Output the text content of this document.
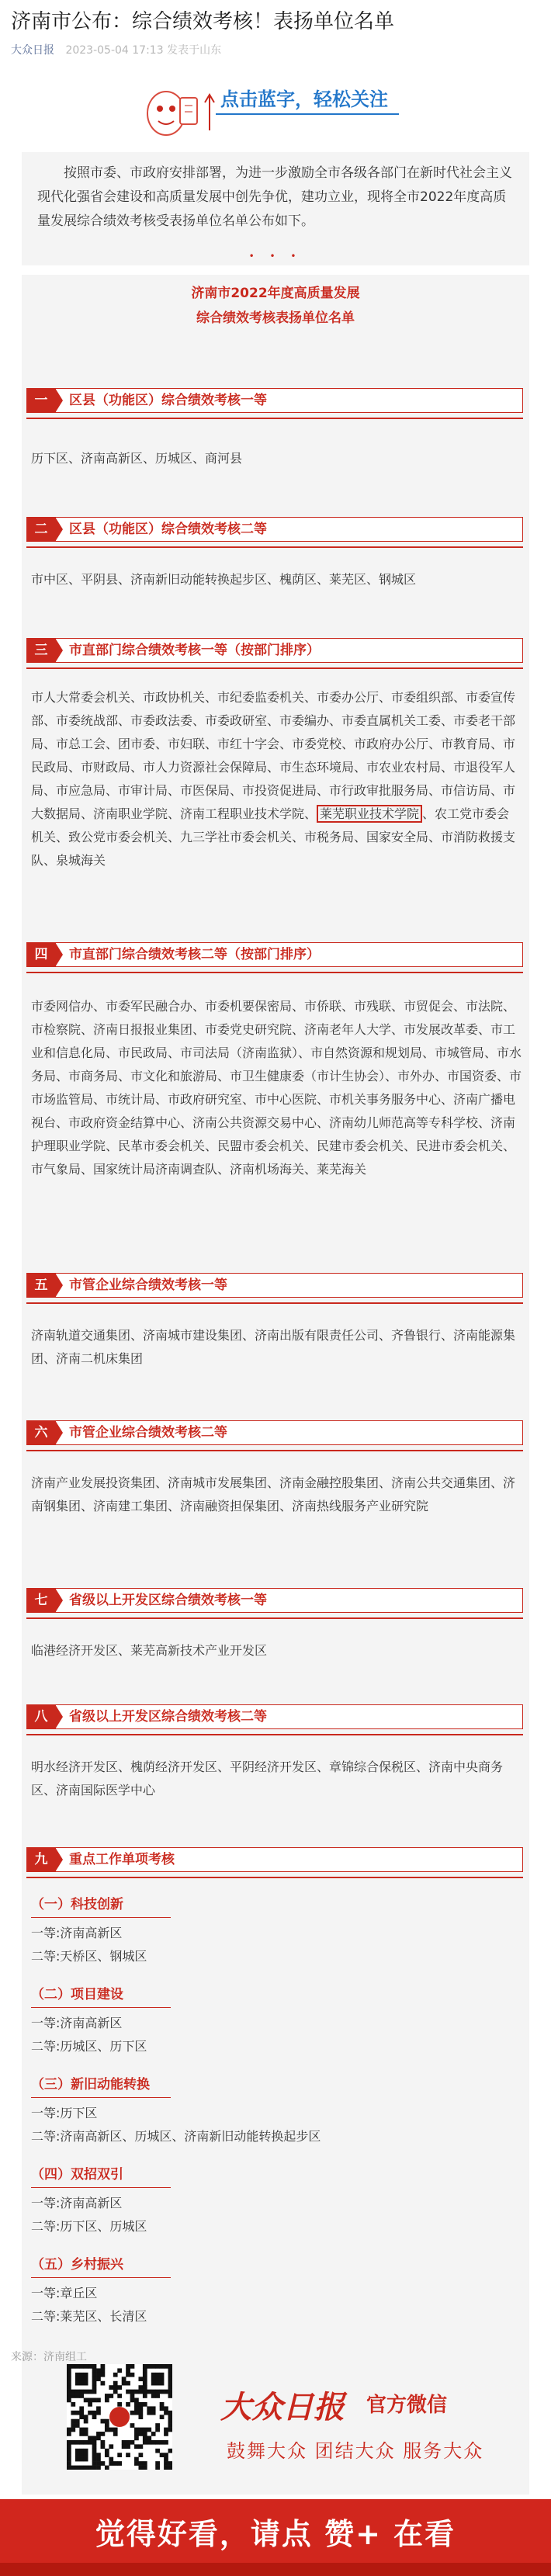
济南市公布：综合绩效考核！表扬单位名单
大众日报 2023-05-04 17:13 发表于山东
点击蓝字，轻松关注

按照市委、市政府安排部署，为进一步激励全市各级各部门在新时代社会主义现代化强省会建设和高质量发展中创先争优，建功立业，现将全市2022年度高质量发展综合绩效考核受表扬单位名单公布如下。

• • •
济南市2022年度高质量发展
综合绩效考核表扬单位名单
一	区县（功能区）综合绩效考核一等
历下区、济南高新区、历城区、商河县
二	区县（功能区）综合绩效考核二等
市中区、平阴县、济南新旧动能转换起步区、槐荫区、莱芜区、钢城区
三	市直部门综合绩效考核一等（按部门排序）
市人大常委会机关、市政协机关、市纪委监委机关、市委办公厅、市委组织部、市委宣传部、市委统战部、市委政法委、市委政研室、市委编办、市委直属机关工委、市委老干部局、市总工会、团市委、市妇联、市红十字会、市委党校、市政府办公厅、市教育局、市民政局、市财政局、市人力资源社会保障局、市生态环境局、市农业农村局、市退役军人局、市应急局、市审计局、市医保局、市投资促进局、市行政审批服务局、市信访局、市大数据局、济南职业学院、济南工程职业技术学院、 莱芜职业技术学院 、农工党市委会机关、致公党市委会机关、九三学社市委会机关、市税务局、国家安全局、市消防救援支队、泉城海关
四	市直部门综合绩效考核二等（按部门排序）
市委网信办、市委军民融合办、市委机要保密局、市侨联、市残联、市贸促会、市法院、市检察院、济南日报报业集团、市委党史研究院、济南老年人大学、市发展改革委、市工业和信息化局、市民政局、市司法局（济南监狱）、市自然资源和规划局、市城管局、市水务局、市商务局、市文化和旅游局、市卫生健康委（市计生协会）、市外办、市国资委、市市场监管局、市统计局、市政府研究室、市中心医院、市机关事务服务中心、济南广播电视台、市政府资金结算中心、济南公共资源交易中心、济南幼儿师范高等专科学校、济南护理职业学院、民革市委会机关、民盟市委会机关、民建市委会机关、民进市委会机关、市气象局、国家统计局济南调查队、济南机场海关、莱芜海关
五	市管企业综合绩效考核一等
济南轨道交通集团、济南城市建设集团、济南出版有限责任公司、齐鲁银行、济南能源集团、济南二机床集团
六	市管企业综合绩效考核二等
济南产业发展投资集团、济南城市发展集团、济南金融控股集团、济南公共交通集团、济南钢集团、济南建工集团、济南融资担保集团、济南热线服务产业研究院
七	省级以上开发区综合绩效考核一等
临港经济开发区、莱芜高新技术产业开发区
八	省级以上开发区综合绩效考核二等
明水经济开发区、槐荫经济开发区、平阴经济开发区、章锦综合保税区、济南中央商务区、济南国际医学中心
九	重点工作单项考核
（一）科技创新
一等:济南高新区
二等:天桥区、钢城区
（二）项目建设
一等:济南高新区
二等:历城区、历下区
（三）新旧动能转换
一等:历下区
二等:济南高新区、历城区、济南新旧动能转换起步区
（四）双招双引
一等:济南高新区
二等:历下区、历城区
（五）乡村振兴
一等:章丘区
二等:莱芜区、长清区
来源：济南组工
大众日报 官方微信
鼓舞大众 团结大众 服务大众
觉得好看，请点 赞+ 在看
